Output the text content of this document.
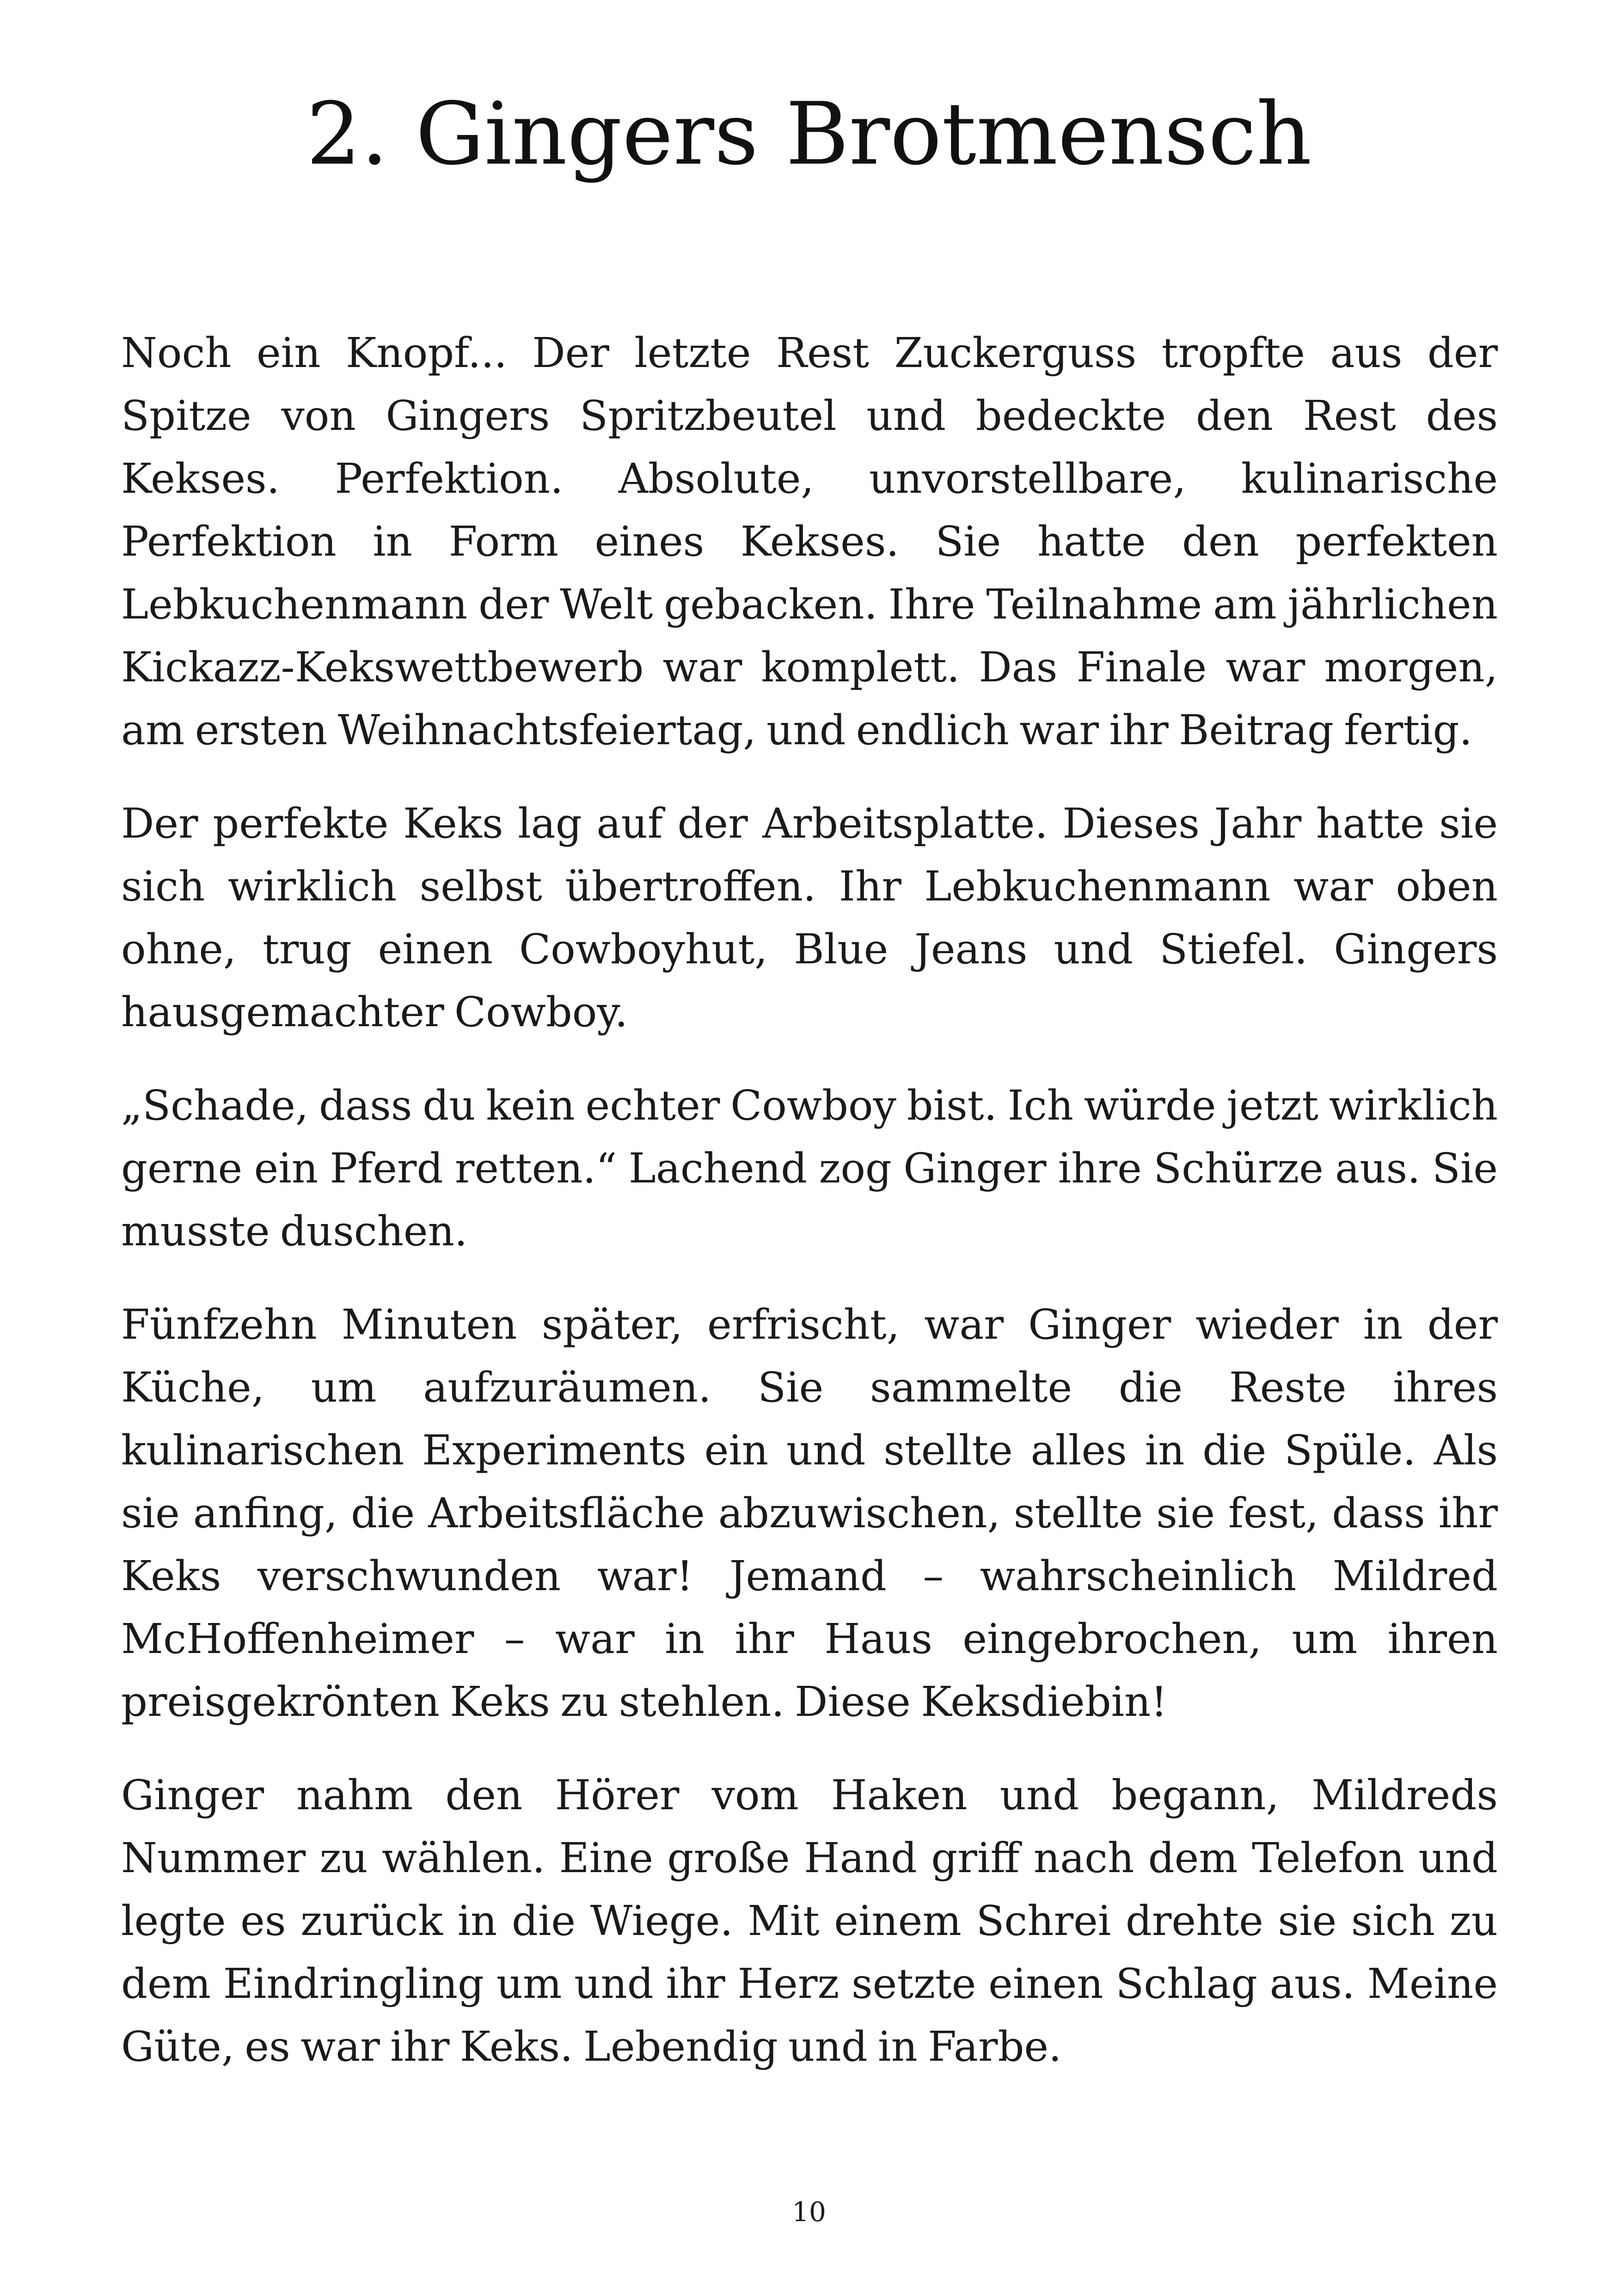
2. Gingers Brotmensch

Noch ein Knopf... Der letzte Rest Zuckerguss tropfte aus der Spitze von Gingers Spritzbeutel und bedeckte den Rest des Kekses. Perfektion. Absolute, unvorstellbare, kulinarische Perfektion in Form eines Kekses. Sie hatte den perfekten Lebkuchenmann der Welt gebacken. Ihre Teilnahme am jährlichen Kickazz-Kekswettbewerb war komplett. Das Finale war morgen, am ersten Weihnachtsfeiertag, und endlich war ihr Beitrag fertig.

Der perfekte Keks lag auf der Arbeitsplatte. Dieses Jahr hatte sie sich wirklich selbst übertroffen. Ihr Lebkuchenmann war oben ohne, trug einen Cowboyhut, Blue Jeans und Stiefel. Gingers hausgemachter Cowboy.

„Schade, dass du kein echter Cowboy bist. Ich würde jetzt wirklich gerne ein Pferd retten.“ Lachend zog Ginger ihre Schürze aus. Sie musste duschen.

Fünfzehn Minuten später, erfrischt, war Ginger wieder in der Küche, um aufzuräumen. Sie sammelte die Reste ihres kulinarischen Experiments ein und stellte alles in die Spüle. Als sie anfing, die Arbeitsfläche abzuwischen, stellte sie fest, dass ihr Keks verschwunden war! Jemand – wahrscheinlich Mildred McHoffenheimer – war in ihr Haus eingebrochen, um ihren preisgekrönten Keks zu stehlen. Diese Keksdiebin!

Ginger nahm den Hörer vom Haken und begann, Mildreds Nummer zu wählen. Eine große Hand griff nach dem Telefon und legte es zurück in die Wiege. Mit einem Schrei drehte sie sich zu dem Eindringling um und ihr Herz setzte einen Schlag aus. Meine Güte, es war ihr Keks. Lebendig und in Farbe.

10
